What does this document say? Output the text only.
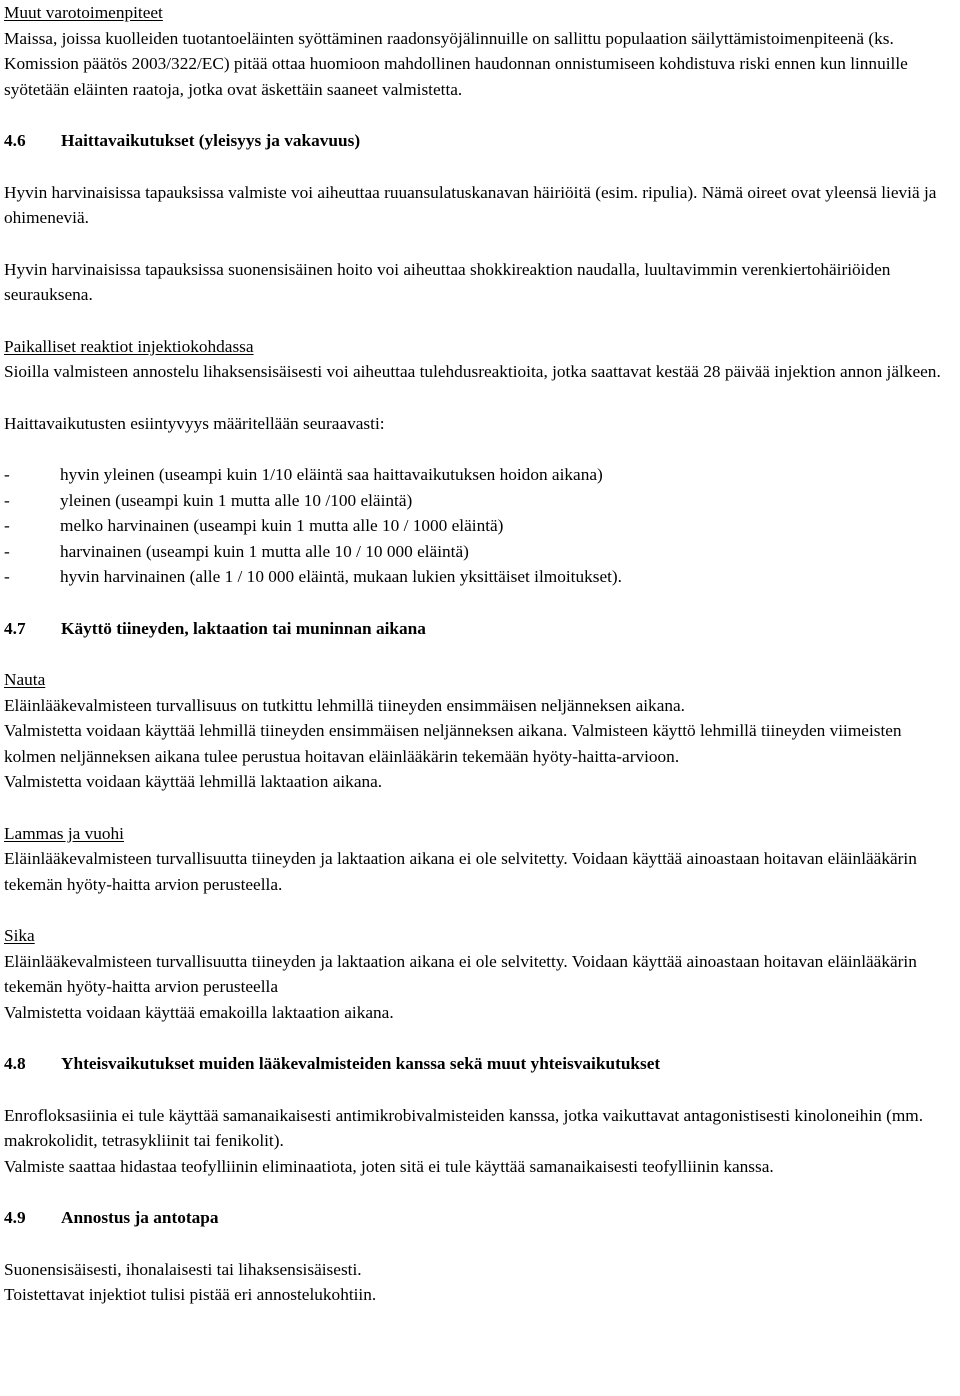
Muut varotoimenpiteet

Maissa, joissa kuolleiden tuotantoeläinten syöttäminen raadonsyöjälinnuille on sallittu populaation säilyttämistoimenpiteenä (ks. Komission päätös 2003/322/EC) pitää ottaa huomioon mahdollinen haudonnan onnistumiseen kohdistuva riski ennen kun linnuille syötetään eläinten raatoja, jotka ovat äskettäin saaneet valmistetta.

4.6 Haittavaikutukset (yleisyys ja vakavuus)

Hyvin harvinaisissa tapauksissa valmiste voi aiheuttaa ruuansulatuskanavan häiriöitä (esim. ripulia). Nämä oireet ovat yleensä lieviä ja ohimeneviä.

Hyvin harvinaisissa tapauksissa suonensisäinen hoito voi aiheuttaa shokkireaktion naudalla, luultavimmin verenkiertohäiriöiden seurauksena.

Paikalliset reaktiot injektiokohdassa

Sioilla valmisteen annostelu lihaksensisäisesti voi aiheuttaa tulehdusreaktioita, jotka saattavat kestää 28 päivää injektion annon jälkeen.

Haittavaikutusten esiintyvyys määritellään seuraavasti:

-	hyvin yleinen (useampi kuin 1/10 eläintä saa haittavaikutuksen hoidon aikana)
-	yleinen (useampi kuin 1 mutta alle 10 /100 eläintä)
-	melko harvinainen (useampi kuin 1 mutta alle 10 / 1000 eläintä)
-	harvinainen (useampi kuin 1 mutta alle 10 / 10 000 eläintä)
-	hyvin harvinainen (alle 1 / 10 000 eläintä, mukaan lukien yksittäiset ilmoitukset).

4.7 Käyttö tiineyden, laktaation tai muninnan aikana

Nauta

Eläinlääkevalmisteen turvallisuus on tutkittu lehmillä tiineyden ensimmäisen neljänneksen aikana.

Valmistetta voidaan käyttää lehmillä tiineyden ensimmäisen neljänneksen aikana. Valmisteen käyttö lehmillä tiineyden viimeisten kolmen neljänneksen aikana tulee perustua hoitavan eläinlääkärin tekemään hyöty-haitta-arvioon.

Valmistetta voidaan käyttää lehmillä laktaation aikana.

Lammas ja vuohi

Eläinlääkevalmisteen turvallisuutta tiineyden ja laktaation aikana ei ole selvitetty. Voidaan käyttää ainoastaan hoitavan eläinlääkärin tekemän hyöty-haitta arvion perusteella.

Sika

Eläinlääkevalmisteen turvallisuutta tiineyden ja laktaation aikana ei ole selvitetty. Voidaan käyttää ainoastaan hoitavan eläinlääkärin tekemän hyöty-haitta arvion perusteella

Valmistetta voidaan käyttää emakoilla laktaation aikana.

4.8 Yhteisvaikutukset muiden lääkevalmisteiden kanssa sekä muut yhteisvaikutukset

Enrofloksasiinia ei tule käyttää samanaikaisesti antimikrobivalmisteiden kanssa, jotka vaikuttavat antagonistisesti kinoloneihin (mm. makrokolidit, tetrasykliinit tai fenikolit).

Valmiste saattaa hidastaa teofylliinin eliminaatiota, joten sitä ei tule käyttää samanaikaisesti teofylliinin kanssa.

4.9 Annostus ja antotapa

Suonensisäisesti, ihonalaisesti tai lihaksensisäisesti.

Toistettavat injektiot tulisi pistää eri annostelukohtiin.
